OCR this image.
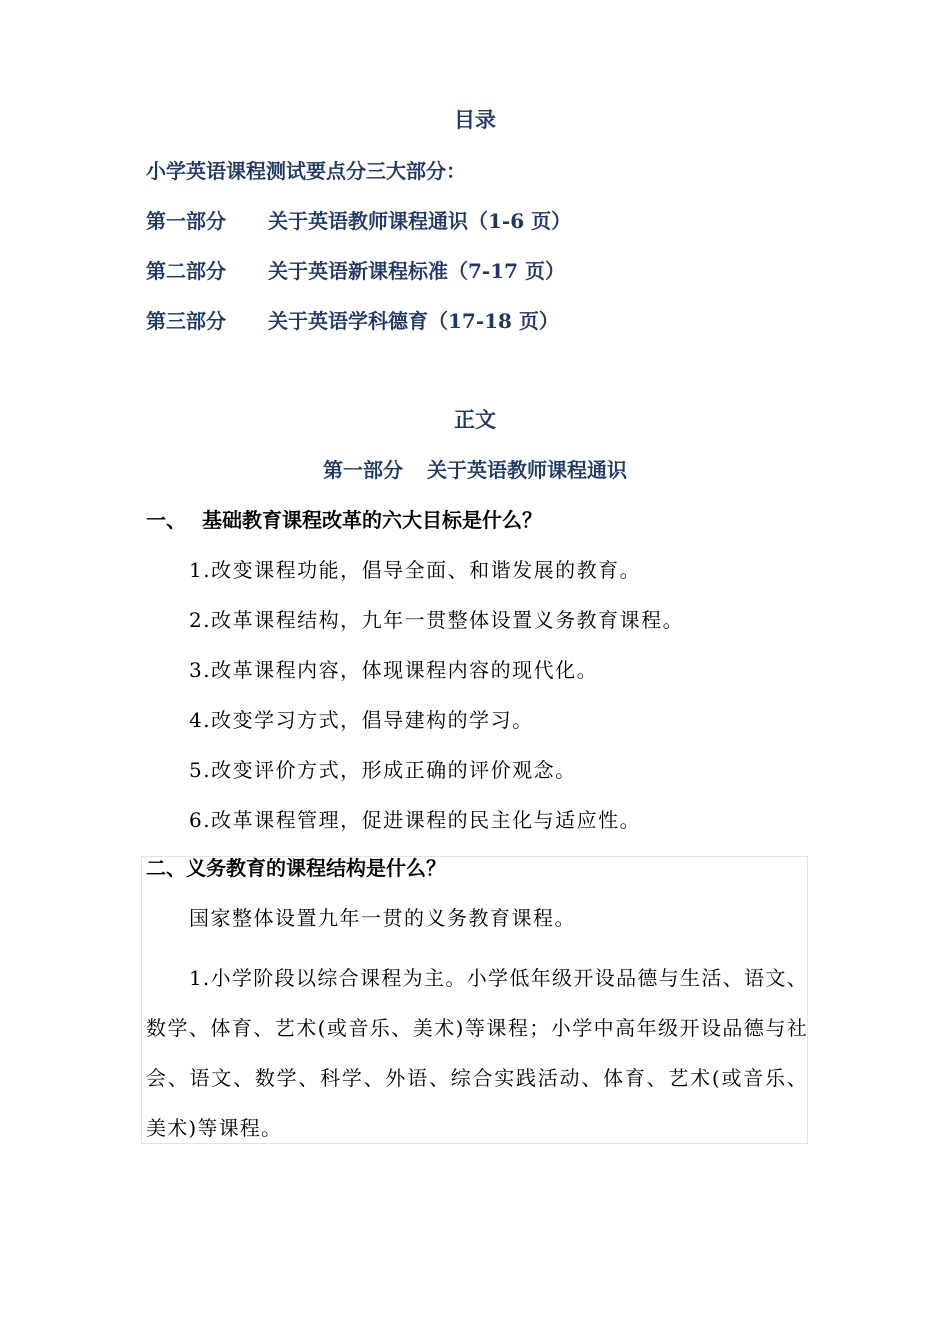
目录
小学英语课程测试要点分三大部分：
第一部分 关于英语教师课程通识（1-6 页）
第二部分 关于英语新课程标准（7-17 页）
第三部分 关于英语学科德育（17-18 页）
正文
第一部分 关于英语教师课程通识
一、 基础教育课程改革的六大目标是什么？
1.改变课程功能，倡导全面、和谐发展的教育。
2.改革课程结构，九年一贯整体设置义务教育课程。
3.改革课程内容，体现课程内容的现代化。
4.改变学习方式，倡导建构的学习。
5.改变评价方式，形成正确的评价观念。
6.改革课程管理，促进课程的民主化与适应性。
二、义务教育的课程结构是什么？
国家整体设置九年一贯的义务教育课程。

1.小学阶段以综合课程为主。小学低年级开设品德与生活、语文、数学、体育、艺术(或音乐、美术)等课程；小学中高年级开设品德与社会、语文、数学、科学、外语、综合实践活动、体育、艺术(或音乐、美术)等课程。
